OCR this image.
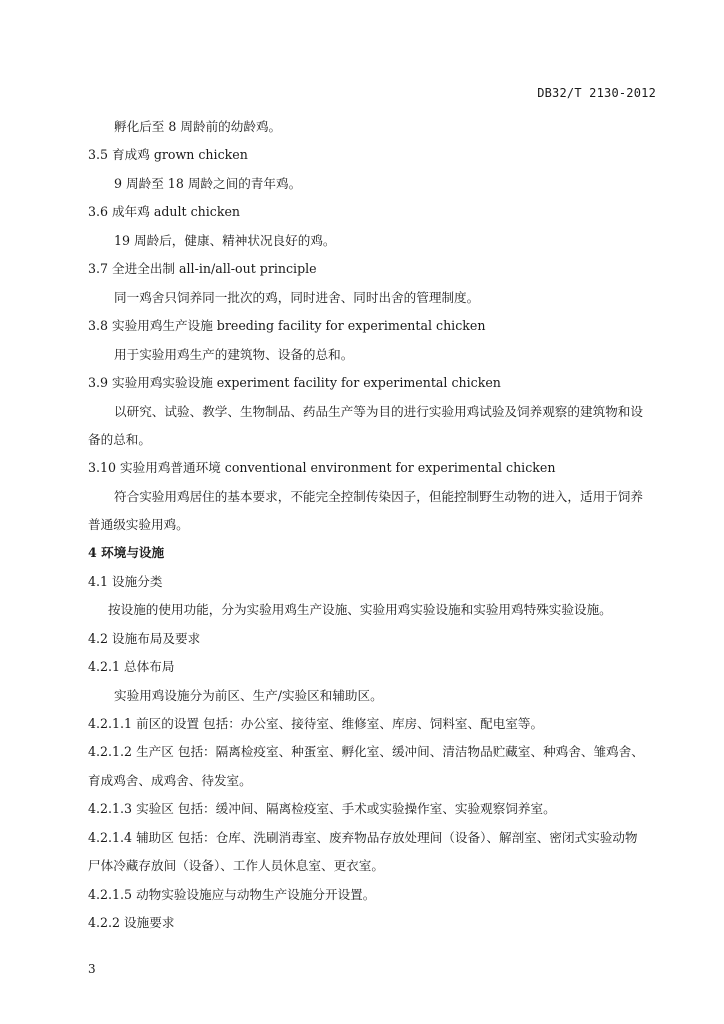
DB32/T 2130-2012
孵化后至 8 周龄前的幼龄鸡。
3.5 育成鸡 grown chicken
9 周龄至 18 周龄之间的青年鸡。
3.6 成年鸡 adult chicken
19 周龄后，健康、精神状况良好的鸡。
3.7 全进全出制 all-in/all-out principle
同一鸡舍只饲养同一批次的鸡，同时进舍、同时出舍的管理制度。
3.8 实验用鸡生产设施 breeding facility for experimental chicken
用于实验用鸡生产的建筑物、设备的总和。
3.9 实验用鸡实验设施 experiment facility for experimental chicken
以研究、试验、教学、生物制品、药品生产等为目的进行实验用鸡试验及饲养观察的建筑物和设
备的总和。
3.10 实验用鸡普通环境 conventional environment for experimental chicken
符合实验用鸡居住的基本要求，不能完全控制传染因子，但能控制野生动物的进入，适用于饲养
普通级实验用鸡。
4 环境与设施
4.1 设施分类
按设施的使用功能，分为实验用鸡生产设施、实验用鸡实验设施和实验用鸡特殊实验设施。
4.2 设施布局及要求
4.2.1 总体布局
实验用鸡设施分为前区、生产/实验区和辅助区。
4.2.1.1 前区的设置 包括：办公室、接待室、维修室、库房、饲料室、配电室等。
4.2.1.2 生产区 包括：隔离检疫室、种蛋室、孵化室、缓冲间、清洁物品贮藏室、种鸡舍、雏鸡舍、
育成鸡舍、成鸡舍、待发室。
4.2.1.3 实验区 包括：缓冲间、隔离检疫室、手术或实验操作室、实验观察饲养室。
4.2.1.4 辅助区 包括：仓库、洗刷消毒室、废弃物品存放处理间（设备）、解剖室、密闭式实验动物
尸体冷藏存放间（设备）、工作人员休息室、更衣室。
4.2.1.5 动物实验设施应与动物生产设施分开设置。
4.2.2 设施要求
3
